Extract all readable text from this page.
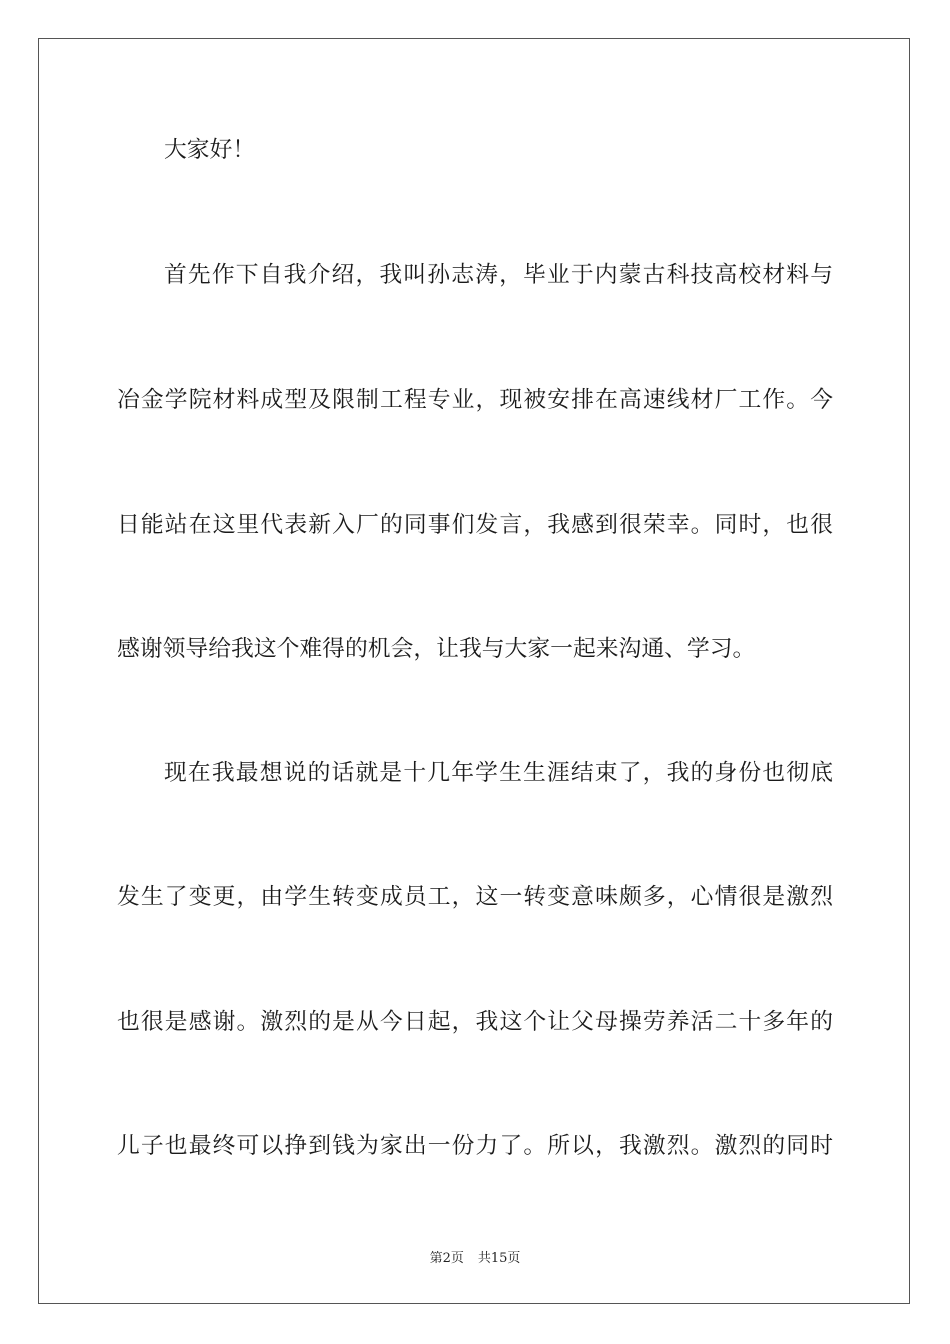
大家好！
首先作下自我介绍，我叫孙志涛，毕业于内蒙古科技高校材料与
冶金学院材料成型及限制工程专业，现被安排在高速线材厂工作。今
日能站在这里代表新入厂的同事们发言，我感到很荣幸。同时，也很
感谢领导给我这个难得的机会，让我与大家一起来沟通、学习。
现在我最想说的话就是十几年学生生涯结束了，我的身份也彻底
发生了变更，由学生转变成员工，这一转变意味颇多，心情很是激烈
也很是感谢。激烈的是从今日起，我这个让父母操劳养活二十多年的
儿子也最终可以挣到钱为家出一份力了。所以，我激烈。激烈的同时
第2页 共15页
